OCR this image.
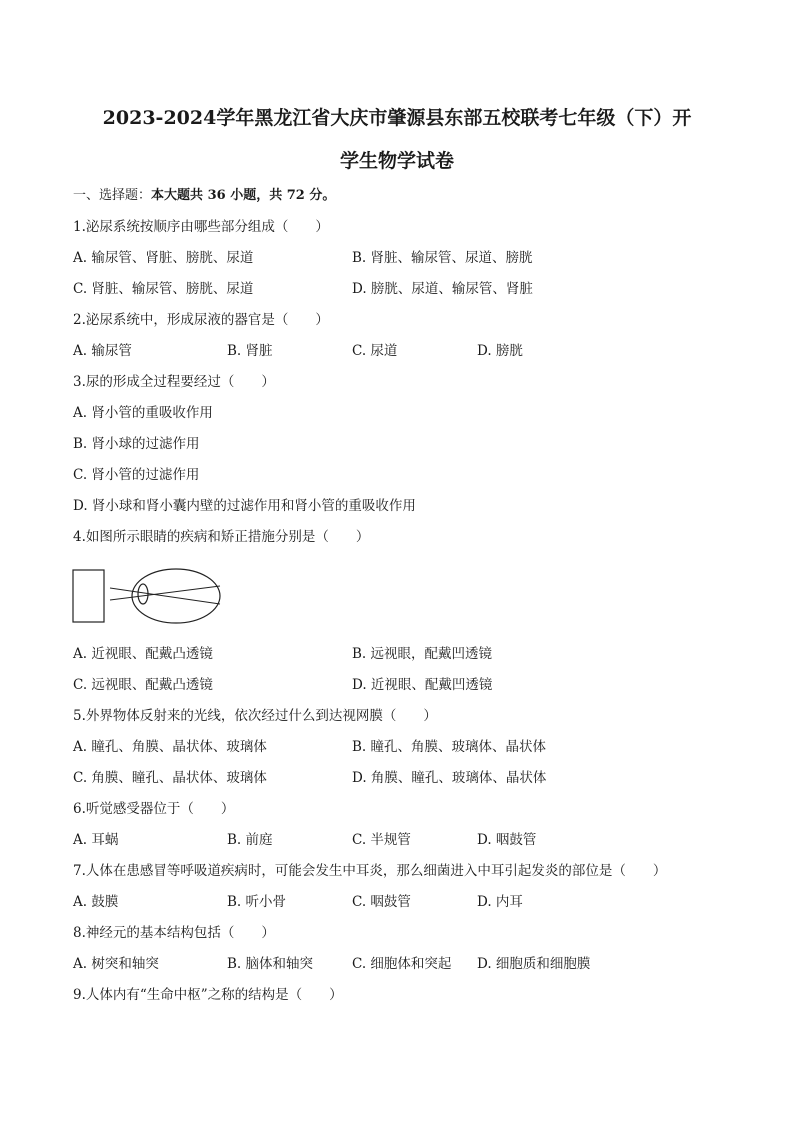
2023-2024学年黑龙江省大庆市肇源县东部五校联考七年级（下）开
学生物学试卷
一、选择题：本大题共 36 小题，共 72 分。
1.泌尿系统按顺序由哪些部分组成（　　）
A. 输尿管、肾脏、膀胱、尿道	B. 肾脏、输尿管、尿道、膀胱
C. 肾脏、输尿管、膀胱、尿道	D. 膀胱、尿道、输尿管、肾脏
2.泌尿系统中，形成尿液的器官是（　　）
A. 输尿管	B. 肾脏	C. 尿道	D. 膀胱
3.尿的形成全过程要经过（　　）
A. 肾小管的重吸收作用
B. 肾小球的过滤作用
C. 肾小管的过滤作用
D. 肾小球和肾小囊内壁的过滤作用和肾小管的重吸收作用
4.如图所示眼睛的疾病和矫正措施分别是（　　）
A. 近视眼、配戴凸透镜	B. 远视眼，配戴凹透镜
C. 远视眼、配戴凸透镜	D. 近视眼、配戴凹透镜
5.外界物体反射来的光线，依次经过什么到达视网膜（　　）
A. 瞳孔、角膜、晶状体、玻璃体	B. 瞳孔、角膜、玻璃体、晶状体
C. 角膜、瞳孔、晶状体、玻璃体	D. 角膜、瞳孔、玻璃体、晶状体
6.听觉感受器位于（　　）
A. 耳蜗	B. 前庭	C. 半规管	D. 咽鼓管
7.人体在患感冒等呼吸道疾病时，可能会发生中耳炎，那么细菌进入中耳引起发炎的部位是（　　）
A. 鼓膜	B. 听小骨	C. 咽鼓管	D. 内耳
8.神经元的基本结构包括（　　）
A. 树突和轴突	B. 脑体和轴突	C. 细胞体和突起 D. 细胞质和细胞膜
9.人体内有“生命中枢”之称的结构是（　　）
